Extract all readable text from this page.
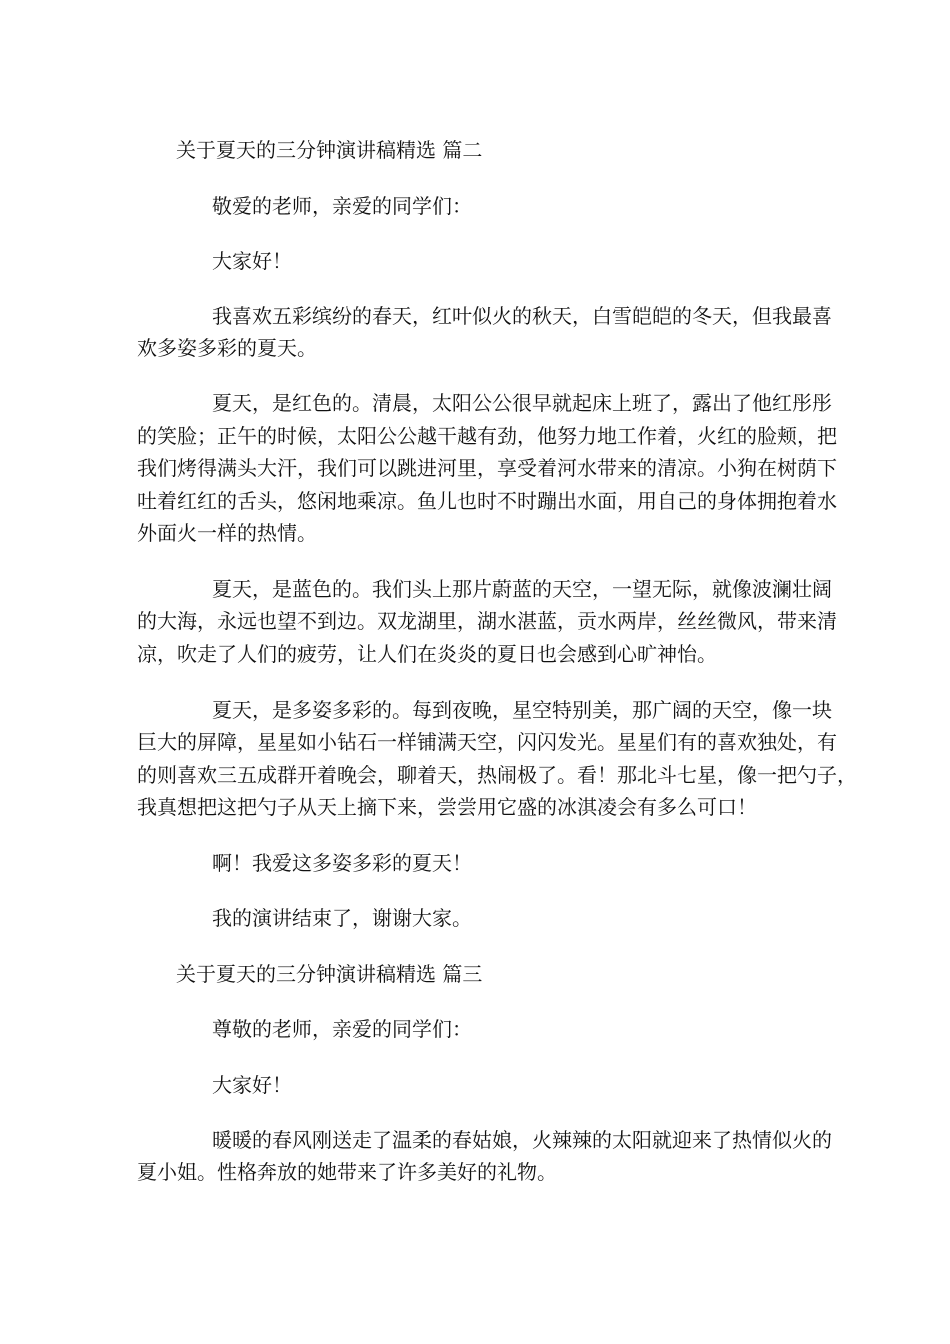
关于夏天的三分钟演讲稿精选 篇二

敬爱的老师，亲爱的同学们：

大家好！

我喜欢五彩缤纷的春天，红叶似火的秋天，白雪皑皑的冬天，但我最喜

欢多姿多彩的夏天。

夏天，是红色的。清晨，太阳公公很早就起床上班了，露出了他红彤彤

的笑脸；正午的时候，太阳公公越干越有劲，他努力地工作着，火红的脸颊，把

我们烤得满头大汗，我们可以跳进河里，享受着河水带来的清凉。小狗在树荫下

吐着红红的舌头，悠闲地乘凉。鱼儿也时不时蹦出水面，用自己的身体拥抱着水

外面火一样的热情。

夏天，是蓝色的。我们头上那片蔚蓝的天空，一望无际，就像波澜壮阔

的大海，永远也望不到边。双龙湖里，湖水湛蓝，贡水两岸，丝丝微风，带来清

凉，吹走了人们的疲劳，让人们在炎炎的夏日也会感到心旷神怡。

夏天，是多姿多彩的。每到夜晚，星空特别美，那广阔的天空，像一块

巨大的屏障，星星如小钻石一样铺满天空，闪闪发光。星星们有的喜欢独处，有

的则喜欢三五成群开着晚会，聊着天，热闹极了。看！那北斗七星，像一把勺子，

我真想把这把勺子从天上摘下来，尝尝用它盛的冰淇凌会有多么可口！

啊！我爱这多姿多彩的夏天！

我的演讲结束了，谢谢大家。

关于夏天的三分钟演讲稿精选 篇三

尊敬的老师，亲爱的同学们：

大家好！

暖暖的春风刚送走了温柔的春姑娘，火辣辣的太阳就迎来了热情似火的

夏小姐。性格奔放的她带来了许多美好的礼物。
